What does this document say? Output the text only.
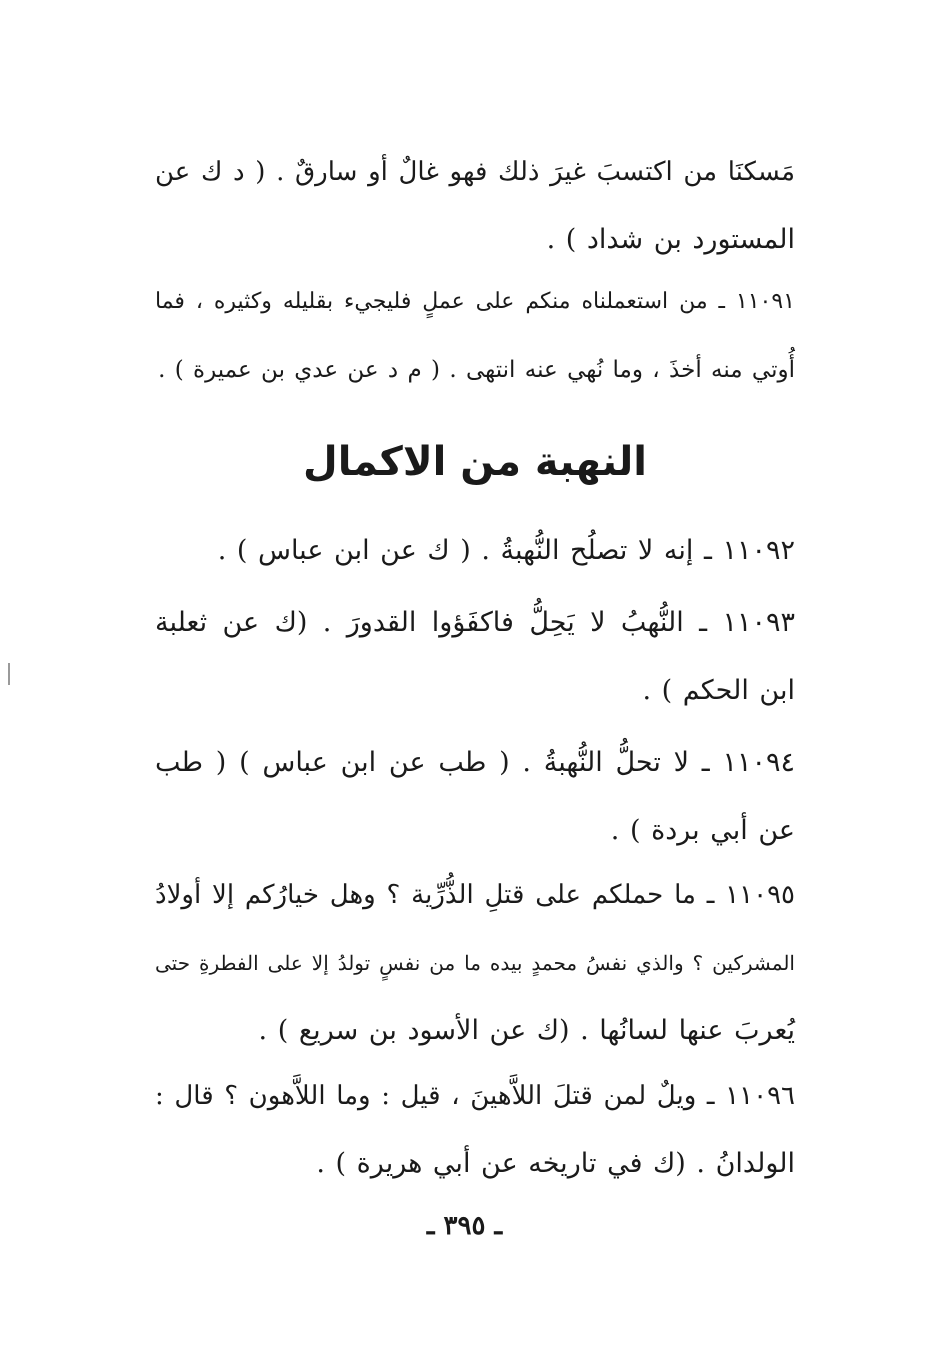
مَسكنَا من اكتسبَ غيرَ ذلك فهو غالٌ أو سارقٌ . ( د ك عن
المستورد بن شداد ) .
١١٠٩١ ـ من استعملناه منكم على عملٍ فليجيء بقليله وكثيره ، فما
أُوتي منه أخذَ ، وما نُهي عنه انتهى . ( م د عن عدي بن عميرة ) .
النهبة من الاكمال
١١٠٩٢ ـ إنه لا تصلُح النُّهبةُ . ( ك عن ابن عباس ) .
١١٠٩٣ ـ النُّهبُ لا يَحِلُّ فاكفَؤوا القدورَ . (ك عن ثعلبة
ابن الحكم ) .
١١٠٩٤ ـ لا تحلُّ النُّهبةُ . ( طب عن ابن عباس ) ( طب
عن أبي بردة ) .
١١٠٩٥ ـ ما حملكم على قتلِ الذُّرِّية ؟ وهل خيارُكم إلا أولادُ
المشركين ؟ والذي نفسُ محمدٍ بيده ما من نفسٍ تولدُ إلا على الفطرةِ حتى
يُعربَ عنها لسانُها . (ك عن الأسود بن سريع ) .
١١٠٩٦ ـ ويلٌ لمن قتلَ اللاَّهينَ ، قيل : وما اللاَّهون ؟ قال :
الولدانُ . (ك في تاريخه عن أبي هريرة ) .
ـ ٣٩٥ ـ
